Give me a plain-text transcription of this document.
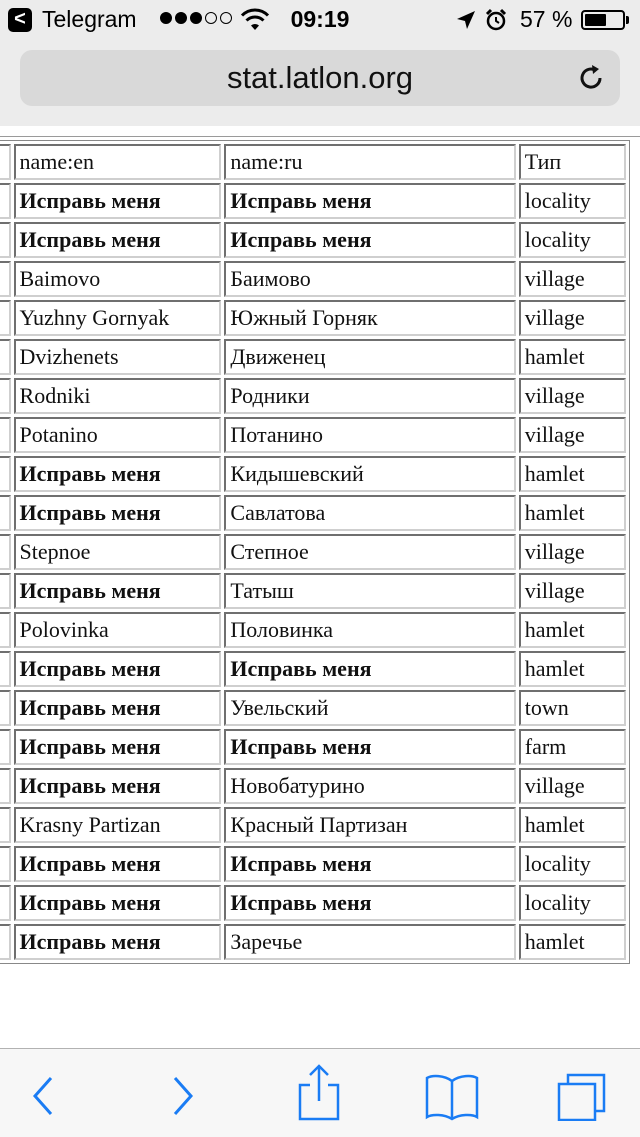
< Telegram	09:19	57 %
stat.latlon.org
	name:en	name:ru	Тип
	Исправь меня	Исправь меня	locality
	Исправь меня	Исправь меня	locality
	Baimovo	Баимово	village
	Yuzhny Gornyak	Южный Горняк	village
	Dvizhenets	Движенец	hamlet
	Rodniki	Родники	village
	Potanino	Потанино	village
	Исправь меня	Кидышевский	hamlet
	Исправь меня	Савлатова	hamlet
	Stepnoe	Степное	village
	Исправь меня	Татыш	village
	Polovinka	Половинка	hamlet
	Исправь меня	Исправь меня	hamlet
	Исправь меня	Увельский	town
	Исправь меня	Исправь меня	farm
	Исправь меня	Новобатурино	village
	Krasny Partizan	Красный Партизан	hamlet
	Исправь меня	Исправь меня	locality
	Исправь меня	Исправь меня	locality
	Исправь меня	Заречье	hamlet
